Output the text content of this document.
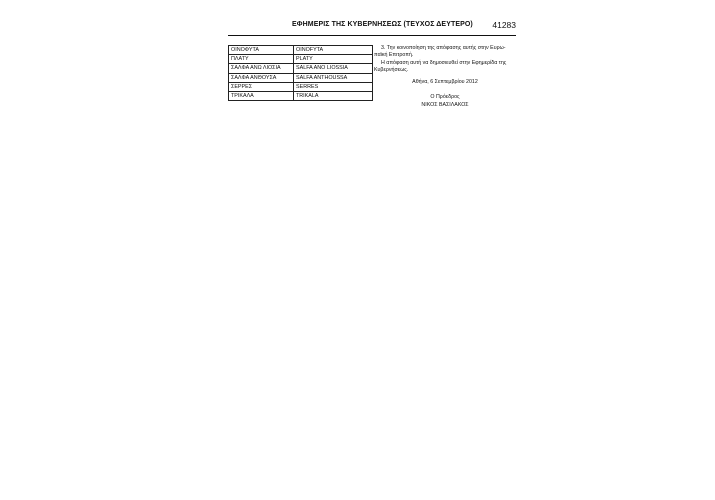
ΕΦΗΜΕΡΙΣ ΤΗΣ ΚΥΒΕΡΝΗΣΕΩΣ (ΤΕΥΧΟΣ ΔΕΥΤΕΡΟ) 41283
ΟΙΝΟΦΥΤΑ	OINOFYTA
ΠΛΑΤΥ	PLATY
ΣΑΛΦΑ ΑΝΩ ΛΙΟΣΙΑ	SALFA ANO LIOSSIA
ΣΑΛΦΑ ΑΝΘΟΥΣΑ	SALFA ANTHOUSSA
ΣΕΡΡΕΣ	SERRES
ΤΡΙΚΑΛΑ	TRIKALA

3. Την κοινοποίηση της απόφασης αυτής στην Ευρω-παϊκή Επιτροπή.

Η απόφαση αυτή να δημοσιευθεί στην Εφημερίδα της Κυβερνήσεως.

Αθήνα, 6 Σεπτεμβρίου 2012
Ο Πρόεδρος
ΝΙΚΟΣ ΒΑΣΙΛΑΚΟΣ
